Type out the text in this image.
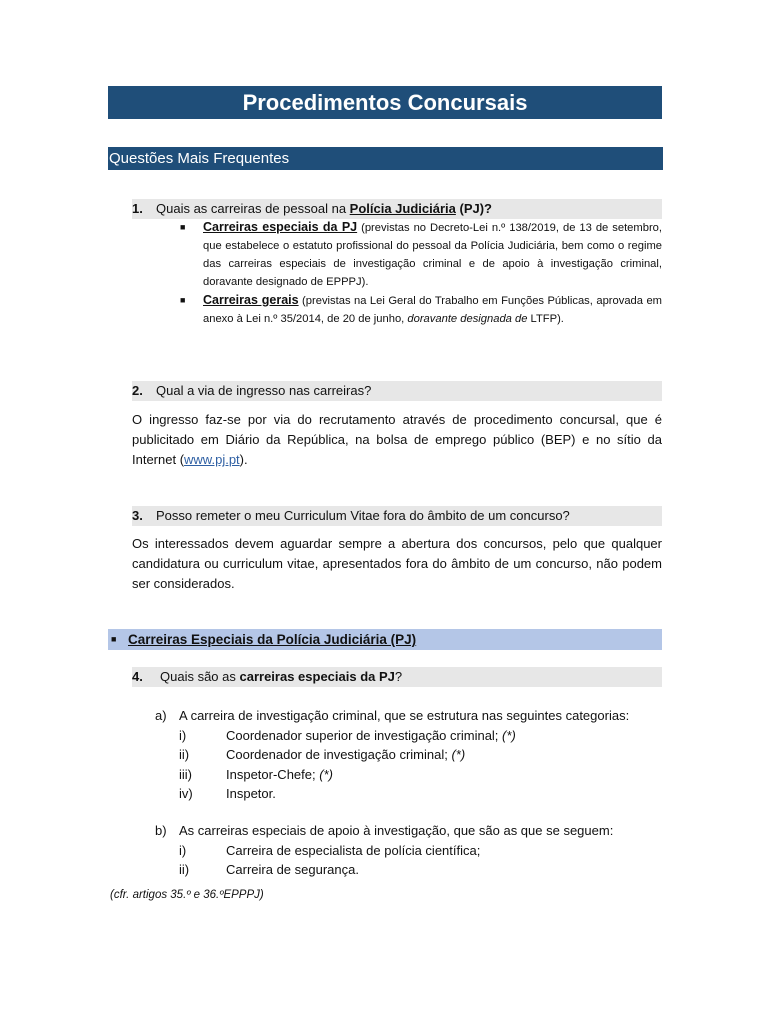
Procedimentos Concursais
Questões Mais Frequentes
1. Quais as carreiras de pessoal na Polícia Judiciária (PJ)?
■ Carreiras especiais da PJ (previstas no Decreto-Lei n.º 138/2019, de 13 de setembro, que estabelece o estatuto profissional do pessoal da Polícia Judiciária, bem como o regime das carreiras especiais de investigação criminal e de apoio à investigação criminal, doravante designado de EPPPJ).
■ Carreiras gerais (previstas na Lei Geral do Trabalho em Funções Públicas, aprovada em anexo à Lei n.º 35/2014, de 20 de junho, doravante designada de LTFP).
2. Qual a via de ingresso nas carreiras?
O ingresso faz-se por via do recrutamento através de procedimento concursal, que é publicitado em Diário da República, na bolsa de emprego público (BEP) e no sítio da Internet (www.pj.pt).
3. Posso remeter o meu Curriculum Vitae fora do âmbito de um concurso?
Os interessados devem aguardar sempre a abertura dos concursos, pelo que qualquer candidatura ou curriculum vitae, apresentados fora do âmbito de um concurso, não podem ser considerados.
■ Carreiras Especiais da Polícia Judiciária (PJ)
4. Quais são as carreiras especiais da PJ?
a) A carreira de investigação criminal, que se estrutura nas seguintes categorias:
i)	Coordenador superior de investigação criminal; (*)
ii)	Coordenador de investigação criminal; (*)
iii)	Inspetor-Chefe; (*)
iv)	Inspetor.
b) As carreiras especiais de apoio à investigação, que são as que se seguem:
i)	Carreira de especialista de polícia científica;
ii)	Carreira de segurança.
(cfr. artigos 35.º e 36.ºEPPPJ)
